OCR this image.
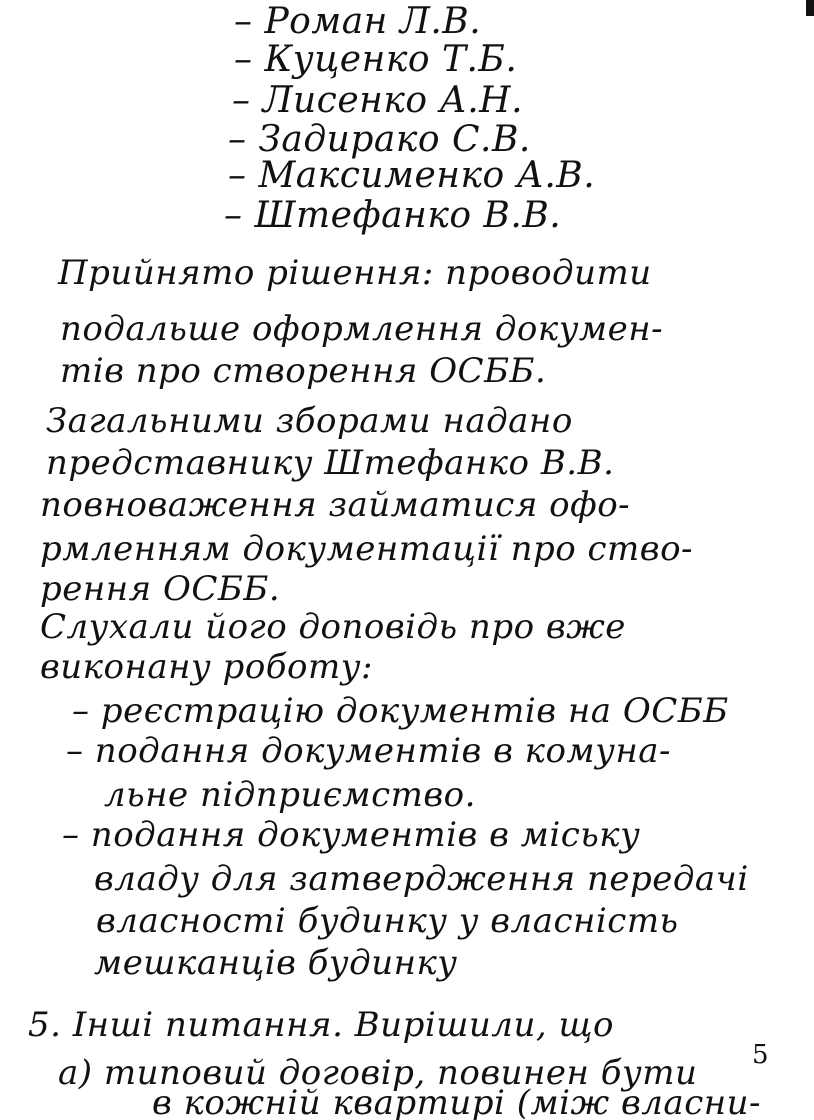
– Роман Л.В.
– Куценко Т.Б.
– Лисенко А.Н.
– Задирако С.В.
– Максименко А.В.
– Штефанко В.В.
Прийнято рішення: проводити
подальше оформлення докумен-
тів про створення ОСББ.
Загальними зборами надано
представнику Штефанко В.В.
повноваження займатися офо-
рмленням документації про ство-
рення ОСББ.
Слухали його доповідь про вже
виконану роботу:
– реєстрацію документів на ОСББ
– подання документів в комуна-
льне підприємство.
– подання документів в міську
владу для затвердження передачі
власності будинку у власність
мешканців будинку
5. Інші питання. Вирішили, що
а) типовий договір, повинен бути
в кожній квартирі (між власни-
5
